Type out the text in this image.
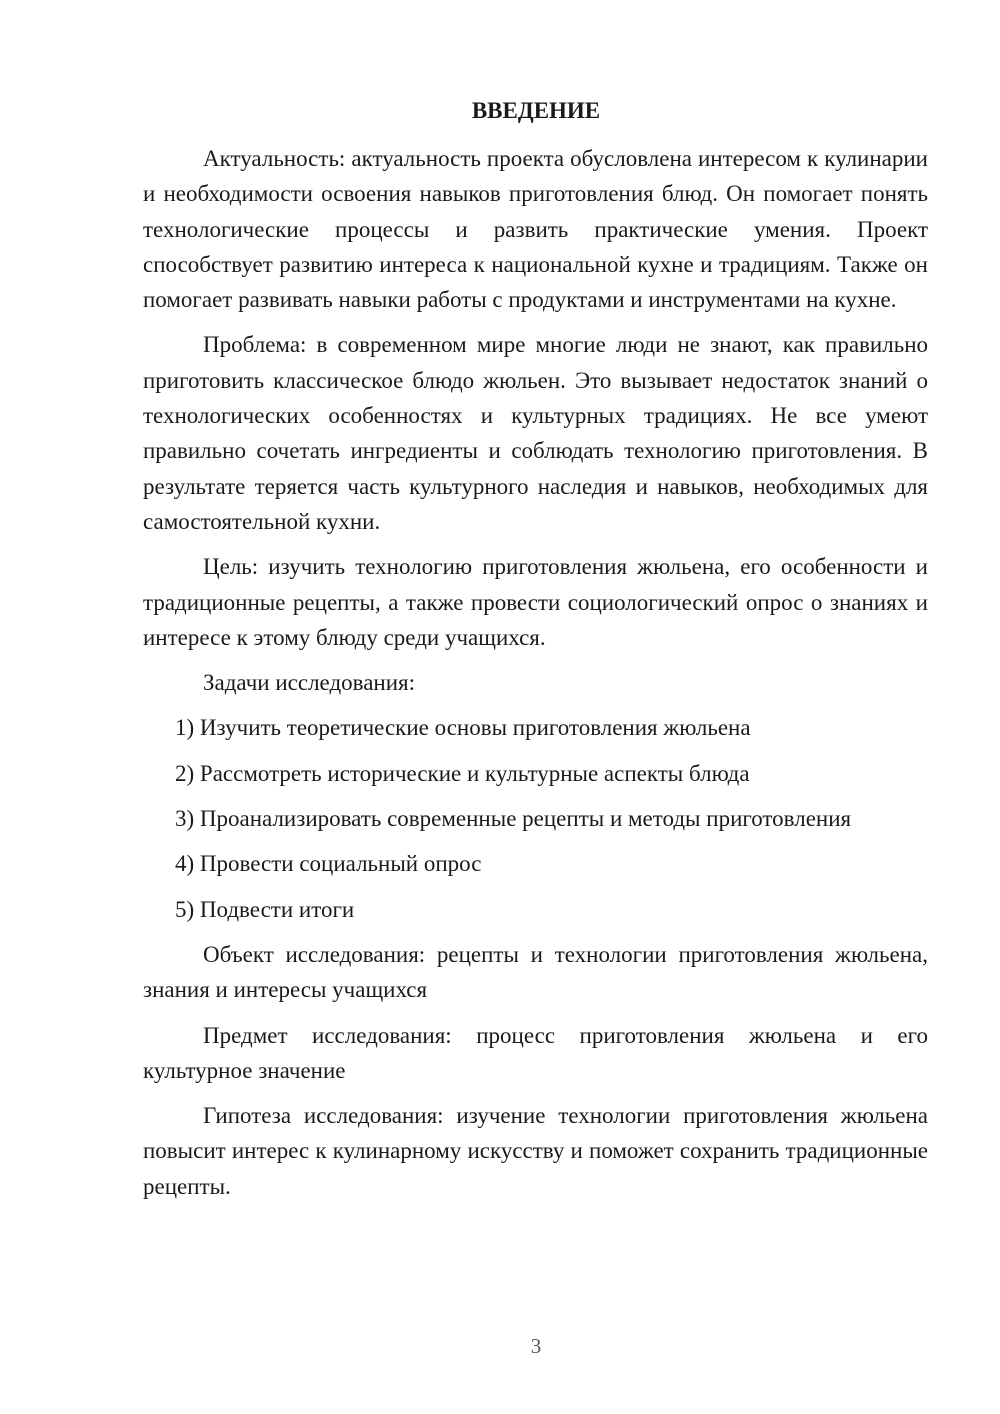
ВВЕДЕНИЕ

Актуальность: актуальность проекта обусловлена интересом к кулинарии и необходимости освоения навыков приготовления блюд. Он помогает понять технологические процессы и развить практические умения. Проект способствует развитию интереса к национальной кухне и традициям. Также он помогает развивать навыки работы с продуктами и инструментами на кухне.

Проблема: в современном мире многие люди не знают, как правильно приготовить классическое блюдо жюльен. Это вызывает недостаток знаний о технологических особенностях и культурных традициях. Не все умеют правильно сочетать ингредиенты и соблюдать технологию приготовления. В результате теряется часть культурного наследия и навыков, необходимых для самостоятельной кухни.

Цель: изучить технологию приготовления жюльена, его особенности и традиционные рецепты, а также провести социологический опрос о знаниях и интересе к этому блюду среди учащихся.

Задачи исследования:

1) Изучить теоретические основы приготовления жюльена
2) Рассмотреть исторические и культурные аспекты блюда
3) Проанализировать современные рецепты и методы приготовления
4) Провести социальный опрос
5) Подвести итоги

Объект исследования: рецепты и технологии приготовления жюльена, знания и интересы учащихся

Предмет исследования: процесс приготовления жюльена и его культурное значение

Гипотеза исследования: изучение технологии приготовления жюльена повысит интерес к кулинарному искусству и поможет сохранить традиционные рецепты.

3
